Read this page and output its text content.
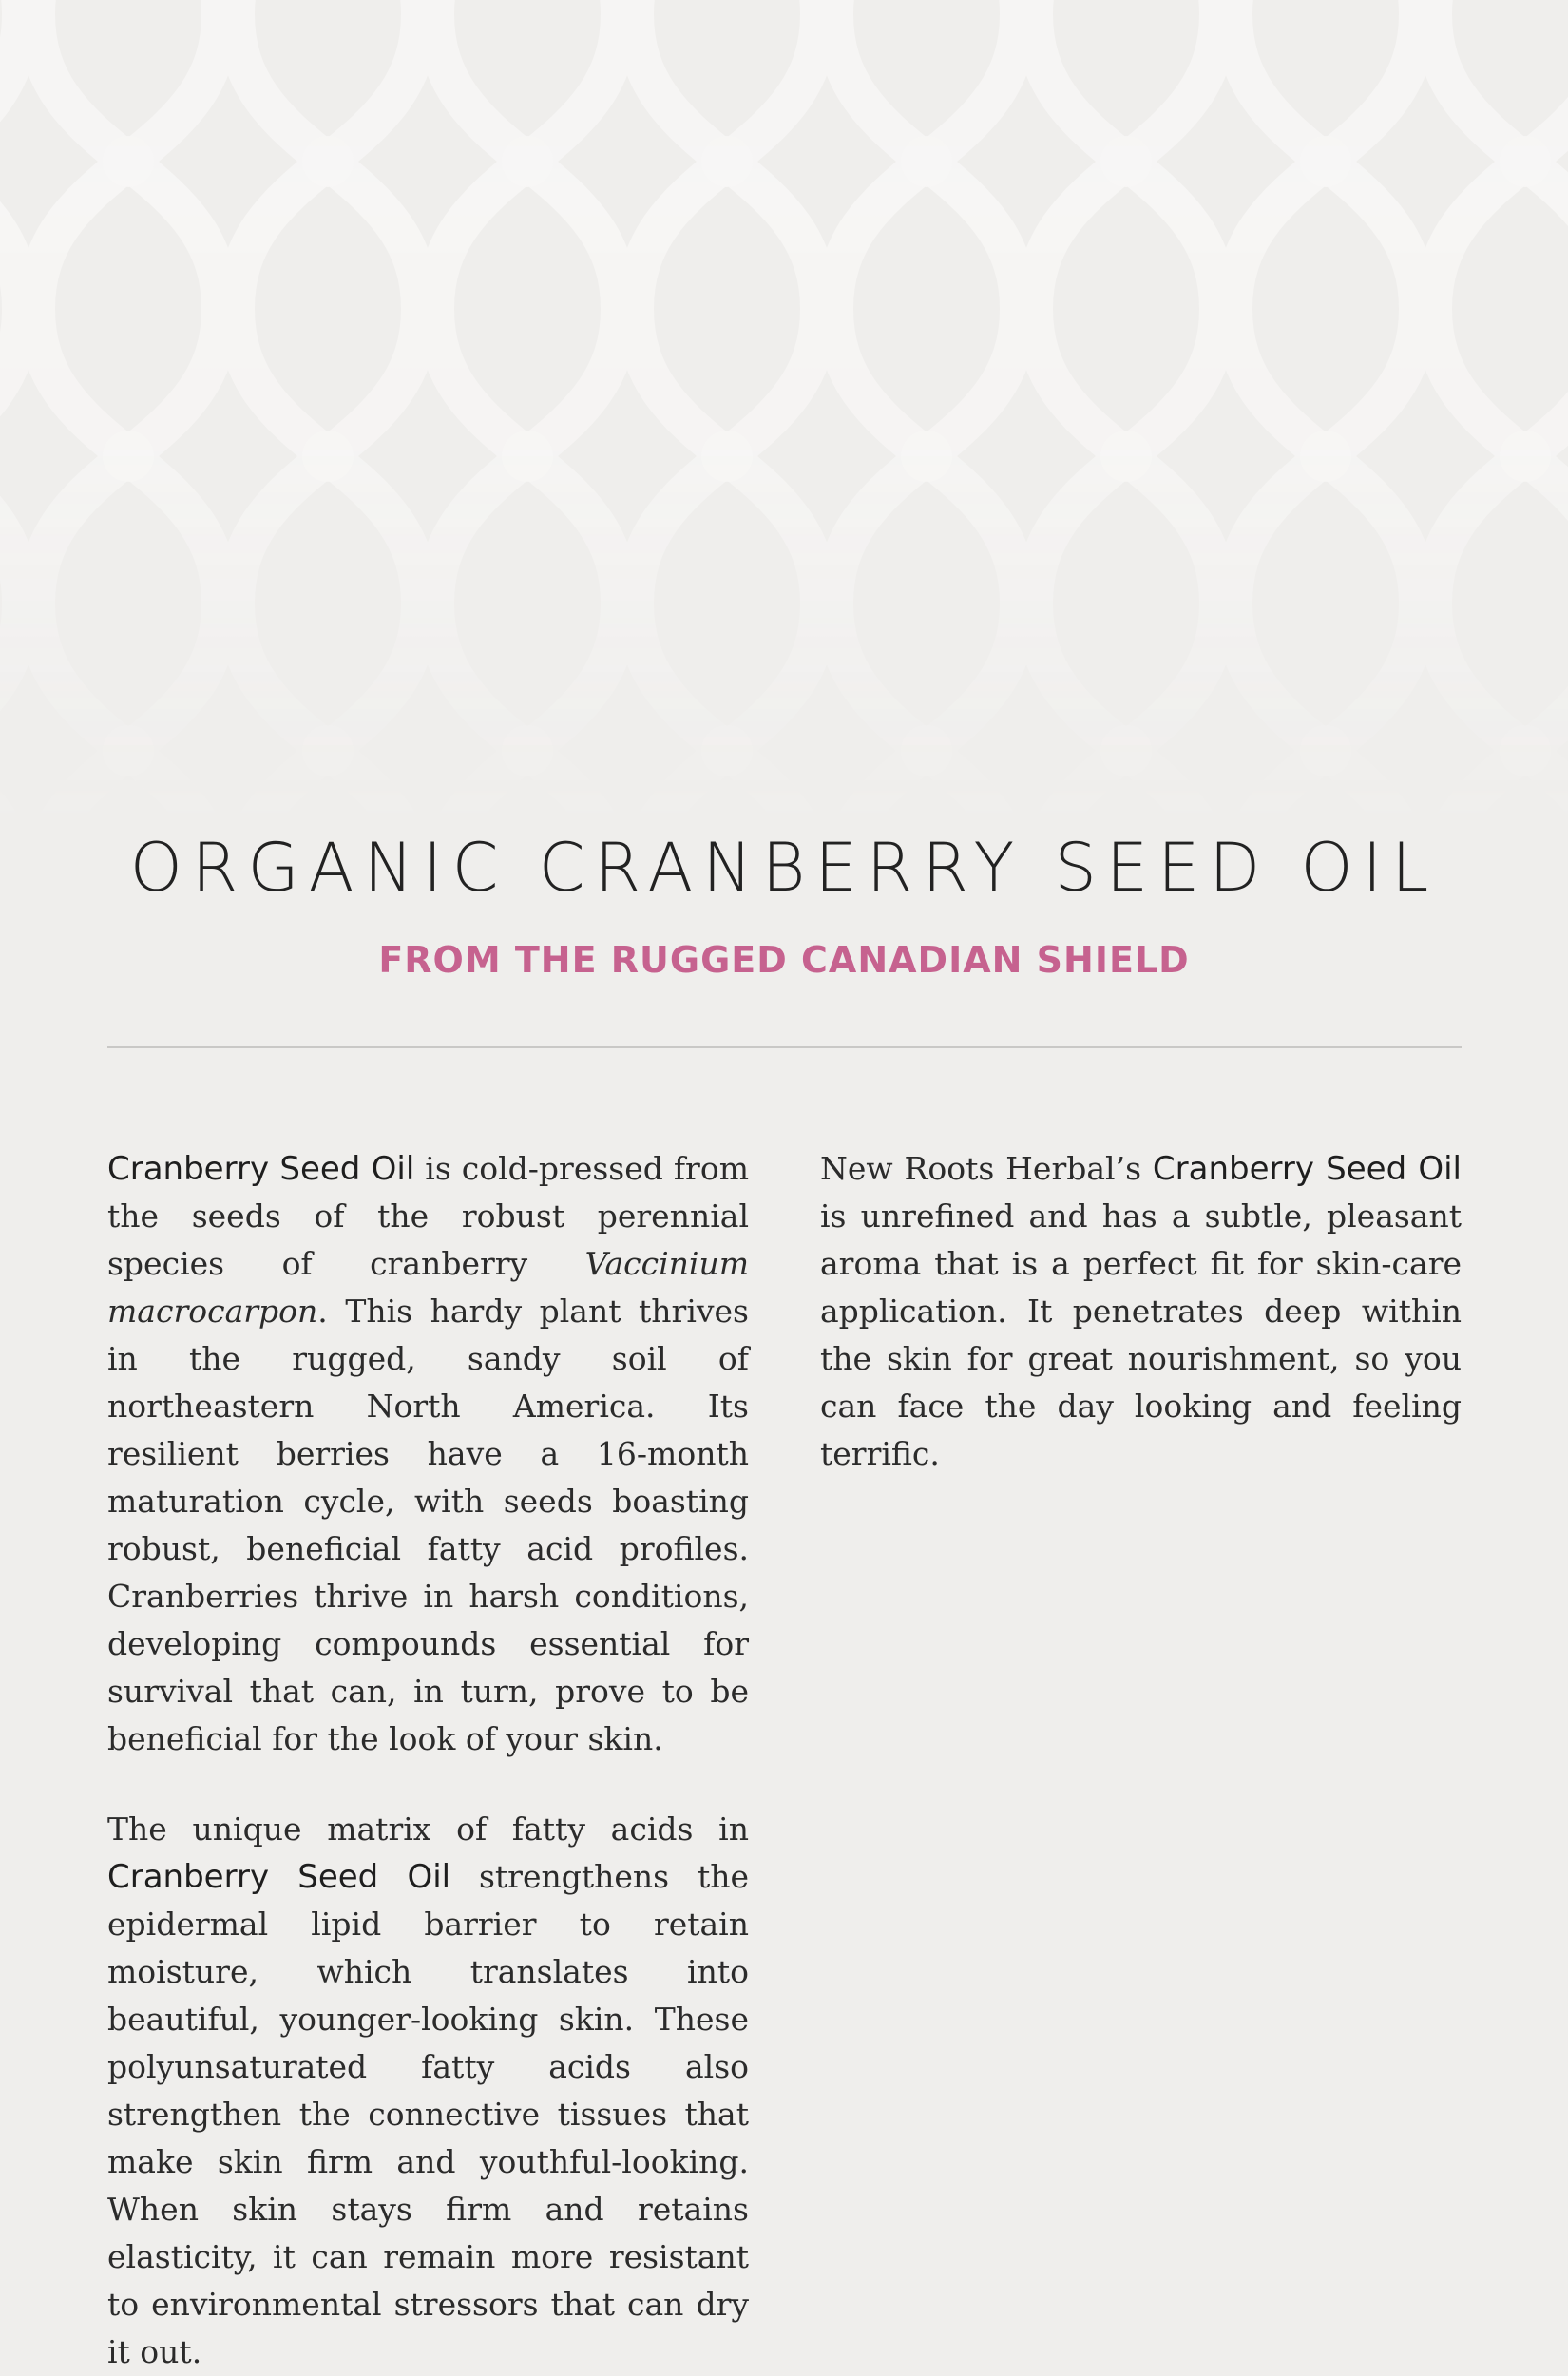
ORGANIC CRANBERRY SEED OIL
FROM THE RUGGED CANADIAN SHIELD

Cranberry Seed Oil is cold-pressed from the seeds of the robust perennial species of cranberry Vaccinium macrocarpon. This hardy plant thrives in the rugged, sandy soil of northeastern North America. Its resilient berries have a 16-month maturation cycle, with seeds boasting robust, beneficial fatty acid profiles. Cranberries thrive in harsh conditions, developing compounds essential for survival that can, in turn, prove to be beneficial for the look of your skin.

The unique matrix of fatty acids in Cranberry Seed Oil strengthens the epidermal lipid barrier to retain moisture, which translates into beautiful, younger-looking skin. These polyunsaturated fatty acids also strengthen the connective tissues that make skin firm and youthful-looking. When skin stays firm and retains elasticity, it can remain more resistant to environmental stressors that can dry it out.

New Roots Herbal’s Cranberry Seed Oil is unrefined and has a subtle, pleasant aroma that is a perfect fit for skin-care application. It penetrates deep within the skin for great nourishment, so you can face the day looking and feeling terrific.
